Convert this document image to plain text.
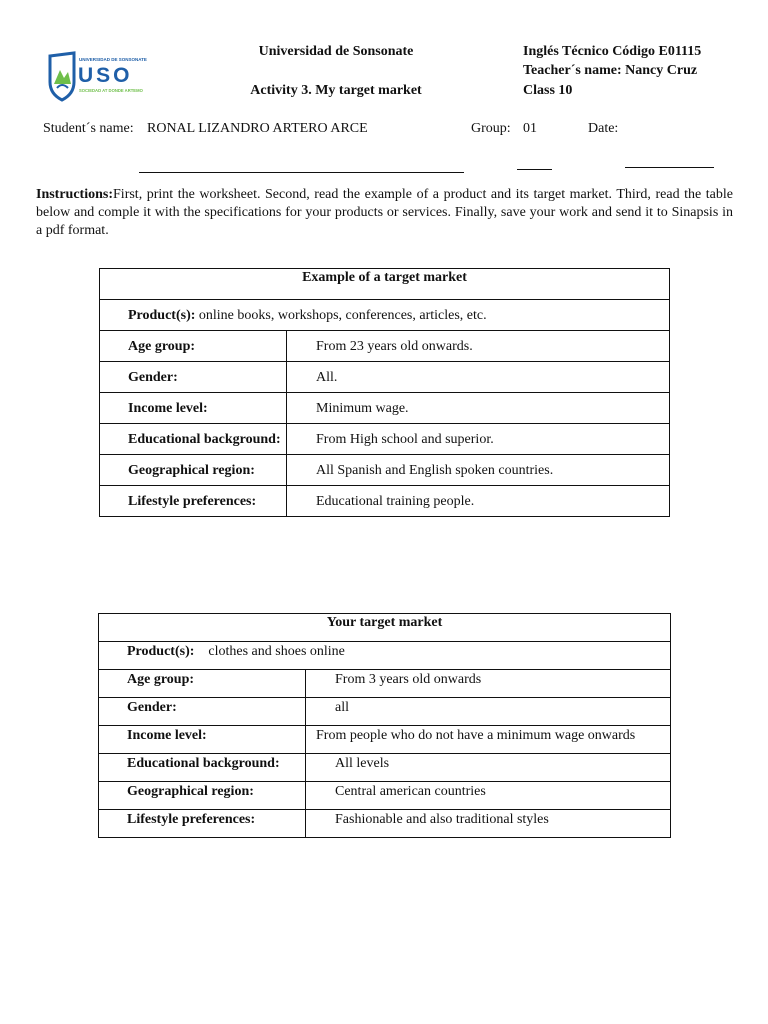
UNIVERSIDAD DE SONSONATE
USO
SOCIEDAD AT DONDE ARTEMO
Universidad de Sonsonate
Activity 3. My target market
Inglés Técnico Código E01115
Teacher´s name: Nancy Cruz
Class 10
Student´s name: RONAL LIZANDRO ARTERO ARCE	Group: 01	Date:
Instructions:First, print the worksheet. Second, read the example of a product and its target market. Third, read the table below and comple it with the specifications for your products or services. Finally, save your work and send it to Sinapsis in a pdf format.
Example of a target market	
Product(s): online books, workshops, conferences, articles, etc.	
Age group:	From 23 years old onwards.
Gender:	All.
Income level:	Minimum wage.
Educational background:	From High school and superior.
Geographical region:	All Spanish and English spoken countries.
Lifestyle preferences:	Educational training people.
Your target market	
Product(s): clothes and shoes online	
Age group:	From 3 years old onwards
Gender:	all
Income level:	From people who do not have a minimum wage onwards
Educational background:	All levels
Geographical region:	Central american countries
Lifestyle preferences:	Fashionable and also traditional styles
